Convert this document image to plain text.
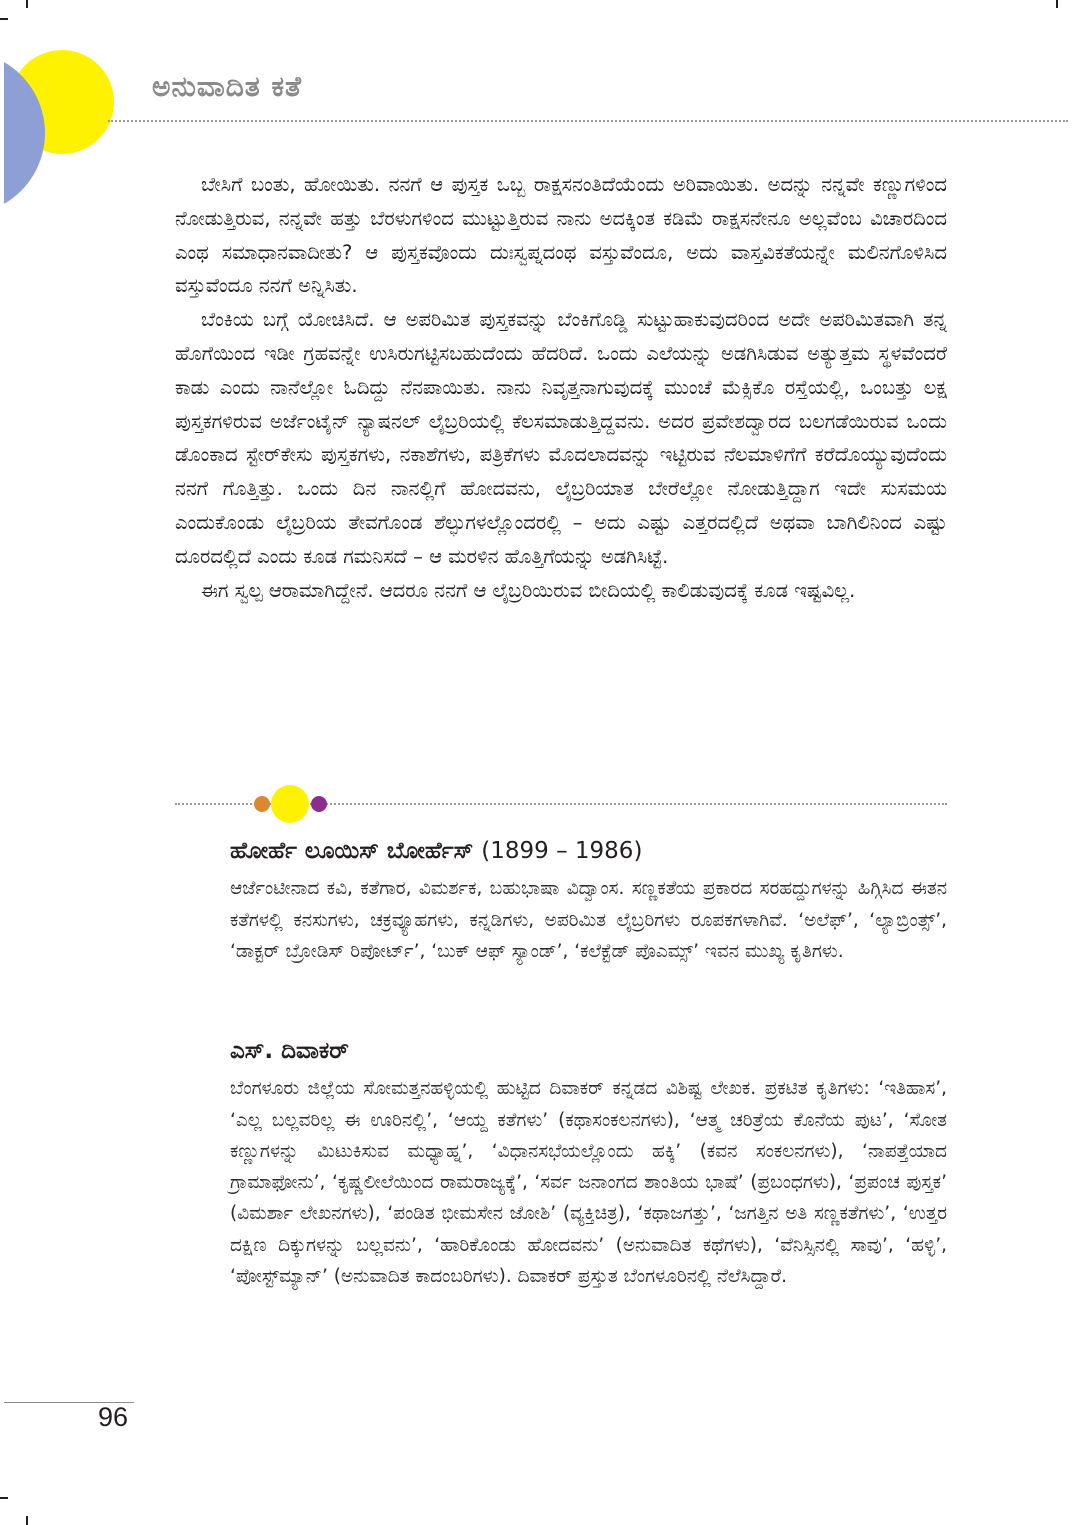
ಅನುವಾದಿತ ಕತೆ

ಬೇಸಿಗೆ ಬಂತು, ಹೋಯಿತು. ನನಗೆ ಆ ಪುಸ್ತಕ ಒಬ್ಬ ರಾಕ್ಷಸನಂತಿದೆಯೆಂದು ಅರಿವಾಯಿತು. ಅದನ್ನು ನನ್ನವೇ ಕಣ್ಣುಗಳಿಂದ ನೋಡುತ್ತಿರುವ, ನನ್ನವೇ ಹತ್ತು ಬೆರಳುಗಳಿಂದ ಮುಟ್ಟುತ್ತಿರುವ ನಾನು ಅದಕ್ಕಿಂತ ಕಡಿಮೆ ರಾಕ್ಷಸನೇನೂ ಅಲ್ಲವೆಂಬ ವಿಚಾರದಿಂದ ಎಂಥ ಸಮಾಧಾನವಾದೀತು? ಆ ಪುಸ್ತಕವೊಂದು ದುಃಸ್ವಪ್ನದಂಥ ವಸ್ತುವೆಂದೂ, ಅದು ವಾಸ್ತವಿಕತೆಯನ್ನೇ ಮಲಿನಗೊಳಿಸಿದ ವಸ್ತುವೆಂದೂ ನನಗೆ ಅನ್ನಿಸಿತು.

ಬೆಂಕಿಯ ಬಗ್ಗೆ ಯೋಚಿಸಿದೆ. ಆ ಅಪರಿಮಿತ ಪುಸ್ತಕವನ್ನು ಬೆಂಕಿಗೊಡ್ಡಿ ಸುಟ್ಟುಹಾಕುವುದರಿಂದ ಅದೇ ಅಪರಿಮಿತವಾಗಿ ತನ್ನ ಹೊಗೆಯಿಂದ ಇಡೀ ಗ್ರಹವನ್ನೇ ಉಸಿರುಗಟ್ಟಿಸಬಹುದೆಂದು ಹೆದರಿದೆ. ಒಂದು ಎಲೆಯನ್ನು ಅಡಗಿಸಿಡುವ ಅತ್ಯುತ್ತಮ ಸ್ಥಳವೆಂದರೆ ಕಾಡು ಎಂದು ನಾನೆಲ್ಲೋ ಓದಿದ್ದು ನೆನಪಾಯಿತು. ನಾನು ನಿವೃತ್ತನಾಗುವುದಕ್ಕೆ ಮುಂಚೆ ಮೆಕ್ಸಿಕೊ ರಸ್ತೆಯಲ್ಲಿ, ಒಂಬತ್ತು ಲಕ್ಷ ಪುಸ್ತಕಗಳಿರುವ ಅರ್ಜೆಂಟೈನ್ ನ್ಯಾಷನಲ್ ಲೈಬ್ರರಿಯಲ್ಲಿ ಕೆಲಸಮಾಡುತ್ತಿದ್ದವನು. ಅದರ ಪ್ರವೇಶದ್ವಾರದ ಬಲಗಡೆಯಿರುವ ಒಂದು ಡೊಂಕಾದ ಸ್ಟೇರ್‌ಕೇಸು ಪುಸ್ತಕಗಳು, ನಕಾಶೆಗಳು, ಪತ್ರಿಕೆಗಳು ಮೊದಲಾದವನ್ನು ಇಟ್ಟಿರುವ ನೆಲಮಾಳಿಗೆಗೆ ಕರೆದೊಯ್ಯುವುದೆಂದು ನನಗೆ ಗೊತ್ತಿತ್ತು. ಒಂದು ದಿನ ನಾನಲ್ಲಿಗೆ ಹೋದವನು, ಲೈಬ್ರರಿಯಾತ ಬೇರೆಲ್ಲೋ ನೋಡುತ್ತಿದ್ದಾಗ ಇದೇ ಸುಸಮಯ ಎಂದುಕೊಂಡು ಲೈಬ್ರರಿಯ ತೇವಗೊಂಡ ಶೆಲ್ಫುಗಳಲ್ಲೊಂದರಲ್ಲಿ – ಅದು ಎಷ್ಟು ಎತ್ತರದಲ್ಲಿದೆ ಅಥವಾ ಬಾಗಿಲಿನಿಂದ ಎಷ್ಟು ದೂರದಲ್ಲಿದೆ ಎಂದು ಕೂಡ ಗಮನಿಸದೆ – ಆ ಮರಳಿನ ಹೊತ್ತಿಗೆಯನ್ನು ಅಡಗಿಸಿಟ್ಟೆ.

ಈಗ ಸ್ವಲ್ಪ ಆರಾಮಾಗಿದ್ದೇನೆ. ಆದರೂ ನನಗೆ ಆ ಲೈಬ್ರರಿಯಿರುವ ಬೀದಿಯಲ್ಲಿ ಕಾಲಿಡುವುದಕ್ಕೆ ಕೂಡ ಇಷ್ಟವಿಲ್ಲ.

ಹೋರ್ಹೆ ಲೂಯಿಸ್ ಬೋರ್ಹೆಸ್ (1899 – 1986)

ಆರ್ಜೆಂಟೀನಾದ ಕವಿ, ಕತೆಗಾರ, ವಿಮರ್ಶಕ, ಬಹುಭಾಷಾ ವಿದ್ವಾಂಸ. ಸಣ್ಣಕತೆಯ ಪ್ರಕಾರದ ಸರಹದ್ದುಗಳನ್ನು ಹಿಗ್ಗಿಸಿದ ಈತನ ಕತೆಗಳಲ್ಲಿ ಕನಸುಗಳು, ಚಕ್ರವ್ಯೂಹಗಳು, ಕನ್ನಡಿಗಳು, ಅಪರಿಮಿತ ಲೈಬ್ರರಿಗಳು ರೂಪಕಗಳಾಗಿವೆ. ‘ಅಲೆಫ್’, ‘ಲ್ಯಾಬ್ರಿಂತ್ಸ್’, ‘ಡಾಕ್ಟರ್ ಬ್ರೋಡಿಸ್ ರಿಪೋರ್ಟ್’, ‘ಬುಕ್ ಆಫ್ ಸ್ಯಾಂಡ್’, ‘ಕಲೆಕ್ಟೆಡ್ ಪೊಎಮ್ಸ್’ ಇವನ ಮುಖ್ಯ ಕೃತಿಗಳು.

ಎಸ್. ದಿವಾಕರ್

ಬೆಂಗಳೂರು ಜಿಲ್ಲೆಯ ಸೋಮತ್ತನಹಳ್ಳಿಯಲ್ಲಿ ಹುಟ್ಟಿದ ದಿವಾಕರ್ ಕನ್ನಡದ ವಿಶಿಷ್ಟ ಲೇಖಕ. ಪ್ರಕಟಿತ ಕೃತಿಗಳು: ‘ಇತಿಹಾಸ’, ‘ಎಲ್ಲ ಬಲ್ಲವರಿಲ್ಲ ಈ ಊರಿನಲ್ಲಿ’, ‘ಆಯ್ದ ಕತೆಗಳು’ (ಕಥಾಸಂಕಲನಗಳು), ‘ಆತ್ಮ ಚರಿತ್ರೆಯ ಕೊನೆಯ ಪುಟ’, ‘ಸೋತ ಕಣ್ಣುಗಳನ್ನು ಮಿಟುಕಿಸುವ ಮಧ್ಯಾಹ್ನ’, ‘ವಿಧಾನಸಭೆಯಲ್ಲೊಂದು ಹಕ್ಕಿ’ (ಕವನ ಸಂಕಲನಗಳು), ‘ನಾಪತ್ತೆಯಾದ ಗ್ರಾಮಾಫೋನು’, ‘ಕೃಷ್ಣಲೀಲೆಯಿಂದ ರಾಮರಾಜ್ಯಕ್ಕೆ’, ‘ಸರ್ವ ಜನಾಂಗದ ಶಾಂತಿಯ ಭಾಷೆ’ (ಪ್ರಬಂಧಗಳು), ‘ಪ್ರಪಂಚ ಪುಸ್ತಕ’ (ವಿಮರ್ಶಾ ಲೇಖನಗಳು), ‘ಪಂಡಿತ ಭೀಮಸೇನ ಜೋಶಿ’ (ವ್ಯಕ್ತಿಚಿತ್ರ), ‘ಕಥಾಜಗತ್ತು’, ‘ಜಗತ್ತಿನ ಅತಿ ಸಣ್ಣಕತೆಗಳು’, ‘ಉತ್ತರ ದಕ್ಷಿಣ ದಿಕ್ಕುಗಳನ್ನು ಬಲ್ಲವನು’, ‘ಹಾರಿಕೊಂಡು ಹೋದವನು’ (ಅನುವಾದಿತ ಕಥೆಗಳು), ‘ವೆನಿಸ್ಸಿನಲ್ಲಿ ಸಾವು’, ‘ಹಳ್ಳಿ’, ‘ಪೋಸ್ಟ್‌ಮ್ಯಾನ್’ (ಅನುವಾದಿತ ಕಾದಂಬರಿಗಳು). ದಿವಾಕರ್ ಪ್ರಸ್ತುತ ಬೆಂಗಳೂರಿನಲ್ಲಿ ನೆಲೆಸಿದ್ದಾರೆ.

96
